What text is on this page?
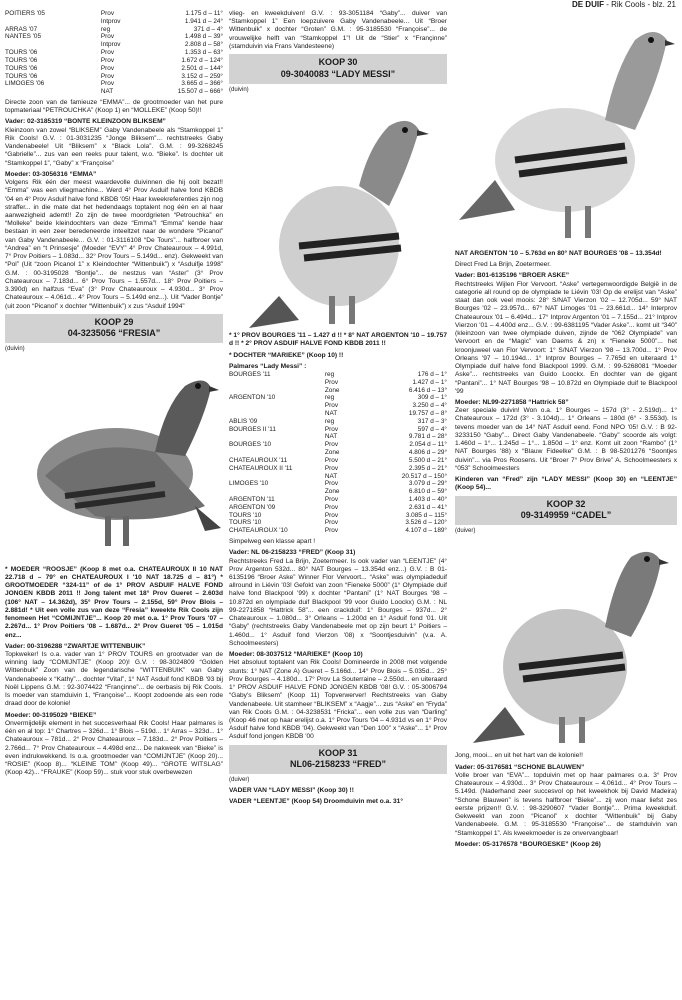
DE DUIF - Rik Cools - blz. 21
POITIERS '05	Prov	1.175 d – 11°
	Intprov	1.941 d – 24°
ARRAS '07	reg	371 d – 4°
NANTES '05	Prov	1.498 d – 39°
	Intprov	2.808 d – 58°
TOURS '06	Prov	1.353 d – 63°
TOURS '06	Prov	1.672 d – 124°
TOURS '06	Prov	2.501 d – 144°
TOURS '06	Prov	3.152 d – 259°
LIMOGES '06	Prov	3.665 d – 366°
	NAT	15.507 d – 666°

Directe zoon van de famieuze “EMMA”... de grootmoeder van het pure topmateriaal “PETROUCHKA” (Koop 1) en “MOLLEKE” (Koop 50)!!

Vader: 02-3185319 “BONTE KLEINZOON BLIKSEM”

Kleinzoon van zowel “BLIKSEM” Gaby Vandenabeele als “Stamkoppel 1” Rik Cools! G.V. : 01-3031235 “Jonge Bliksem”... rechtstreeks Gaby Vandenabeele! Uit “Bliksem” x “Black Lola”. G.M. : 99-3268245 “Gabrielle”... zus van een reeks puur talent, w.o. “Bieke”. Is dochter uit “Stamkoppel 1”, “Gaby” x “Françoise”

Moeder: 03-3056316 “EMMA”

Volgens Rik één der meest waardevolle duivinnen die hij ooit bezat!! “Emma” was een vliegmachine... Werd 4° Prov Asduif halve fond KBDB '04 en 4° Prov Asduif halve fond KBDB '05! Haar kweekreferenties zijn nog straffer... in die mate dat het hedendaags toptalent nog één en al haar aanwezigheid ademt!! Zo zijn de twee moordgrieten “Petrouchka” en “Molleke” beide kleindochters van deze “Emma”! “Emma” kende haar bestaan in een zeer beredeneerde inteeltzet naar de wondere “Picanol” van Gaby Vandenabeele... G.V. : 01-3116108 “De Tours”... halfbroer van “Andrea” en “t Prinsesje” (Moeder “EVY” 4° Prov Chateauroux – 4.991d, 7° Prov Poitiers – 1.083d... 32° Prov Tours – 5.149d... enz). Gekweekt van “Pol” (Uit “zoon Picanol 1” x Kleindochter “Wittenbuik”) x “Asduifje 1998” G.M. : 00-3195028 “Bontje”... de nestzus van “Aster” (3° Prov Chateauroux – 7.183d... 6° Prov Tours – 1.557d... 18° Prov Poitiers – 3.390d) en halfzus “Eva” (3° Prov Chateauroux – 4.930d... 3° Prov Chateauroux – 4.061d... 4° Prov Tours – 5.149d enz...). Uit “Vader Bontje” (uit zoon “Picanol” x dochter “Wittenbuik”) x zus “Asduif 1994”

KOOP 29
04-3235056 “FRESIA”
(duivin)

* MOEDER “ROOSJE” (Koop 8 met o.a. CHATEAUROUX II 10 NAT 22.718 d – 79° en CHATEAUROUX I '10 NAT 18.725 d – 81°) * GROOTMOEDER “324-11” of de 1° PROV ASDUIF HALVE FOND JONGEN KBDB 2011 !! Jong talent met 18° Prov Gueret – 2.603d (106° NAT – 14.362d), 35° Prov Tours – 2.155d, 59° Prov Blois – 2.881d! * Uit een volle zus van deze “Fresia” kweekte Rik Cools zijn fenomeen Het “COMIJNTJE”... Koop 20 met o.a. 1° Prov Tours '07 – 2.267d... 1° Prov Poitiers '08 – 1.687d... 2° Prov Gueret '05 – 1.015d enz...

Vader: 00-3196288 “ZWARTJE WITTENBUIK”

Topkweker! Is o.a. vader van 1° PROV TOURS en grootvader van de winning lady “COMIJNTJE” (Koop 20)! G.V. : 98-3024809 “Golden Wittenbuik” Zoon van de legendarische “WITTENBUIK” van Gaby Vandenabeele x “Kathy”... dochter “Vital”, 1° NAT Asduif fond KBDB '93 bij Noël Lippens G.M. : 92-3074422 “Françinne”... de oerbasis bij Rik Cools. Is moeder van stamduivin 1, “Françoise”... Koopt zodoende als een rode draad door de kolonie!

Moeder: 00-3195029 “BIEKE”

Onvermijdelijk element in het succesverhaal Rik Cools! Haar palmares is één en al top: 1° Chartres – 326d... 1° Blois – 519d... 1° Arras – 323d... 1° Chateauroux – 781d... 2° Prov Chateauroux – 7.183d... 2° Prov Poitiers – 2.766d... 7° Prov Chateauroux – 4.498d enz... De nakweek van “Bieke” is even indrukwekkend. Is o.a. grootmoeder van “COMIJNTJE” (Koop 20)... “ROSIE” (Koop 8)... “KLEINE TOM” (Koop 49)... “GROTE WITSLAG” (Koop 42)... “FRAUKE” (Koop 59)... stuk voor stuk overbewezen

vlieg- en kweekduiven! G.V. : 93-3051184 “Gaby”... duiver van “Stamkoppel 1” Een loepzuivere Gaby Vandenabeele... Uit “Broer Wittenbuik” x dochter “Groten” G.M. : 95-3185530 “Françoise”... de vrouwelijke helft van “Stamkoppel 1”! Uit de “Stier” x “Françinne” (stamduivin via Frans Vandesteene)

KOOP 30
09-3040083 “LADY MESSI”
(duivin)

* 1° PROV BOURGES '11 – 1.427 d !! * 8° NAT ARGENTON '10 – 19.757 d !! * 2° PROV ASDUIF HALVE FOND KBDB 2011 !!

* DOCHTER “MARIEKE” (Koop 10) !!

Palmares “Lady Messi” :
BOURGES '11	reg	176 d – 1°
	Prov	1.427 d – 1°
	Zone	6.416 d – 13°
ARGENTON '10	reg	309 d – 1°
	Prov	3.250 d – 4°
	NAT	19.757 d – 8°
ABLIS '09	reg	317 d – 3°
BOURGES II '11	Prov	597 d – 4°
	NAT	9.781 d – 28°
BOURGES '10	Prov	2.054 d – 11°
	Zone	4.806 d – 29°
CHATEAUROUX '11	Prov	5.500 d – 21°
CHATEAUROUX II '11	Prov	2.395 d – 21°
	NAT	20.517 d – 150°
LIMOGES '10	Prov	3.079 d – 29°
	Zone	6.810 d – 59°
ARGENTON '11	Prov	1.403 d – 40°
ARGENTON '09	Prov	2.631 d – 41°
TOURS '10	Prov	3.085 d – 115°
TOURS '10	Prov	3.526 d – 120°
CHATEAUROUX '10	Prov	4.107 d – 189°

Simpelweg een klasse apart !

Vader: NL 06-2158233 “FRED” (Koop 31)

Rechtstreeks Fred La Brijn, Zoetermeer. Is ook vader van “LEENTJE” (4° Prov Argenton 532d... 80° NAT Bourges – 13.354d enz...) G.V. : B 01-6135196 “Broer Aske” Winner Flor Vervoort... “Aske” was olympiadeduif allround in Liévin '03! Gefokt van zoon “Fieneke 5000” (1° Olympiade duif halve fond Blackpool '99) x dochter “Pantani” (1° NAT Bourges '98 – 10.872d en olympiade duif Blackpool '99 voor Guido Loockx) G.M. : NL 99-2271858 “Hattrick 58”... een crackduif: 1° Bourges – 937d... 2° Chateauroux – 1.080d... 3° Orleans – 1.200d en 1° Asduif fond '01. Uit “Gaby” (rechtstreeks Gaby Vandenabeele met op zijn beurt 1° Poitiers – 1.460d... 1° Asduif fond Vierzon '08) x “Soontjesduivin” (v.a. A. Schoolmeesters)

Moeder: 08-3037512 “MARIEKE” (Koop 10)

Het absoluut toptalent van Rik Cools! Domineerde in 2008 met volgende stunts: 1° NAT (Zone A) Gueret – 5.166d... 14° Prov Blois – 5.035d... 25° Prov Bourges – 4.180d... 17° Prov La Souterraine – 2.550d... en uiteraard 1° PROV ASDUIF HALVE FOND JONGEN KBDB '08! G.V. : 05-3006794 “Gaby's Bliksem” (Koop 11) Topverwerver! Rechtstreeks van Gaby Vandenabeele. Uit stamheer “BLIKSEM” x “Aagje”... zus “Aske” en “Fryda” van Rik Cools G.M. : 04-3238531 “Fricka”... een volle zus van “Darling” (Koop 46 met op haar erelijst o.a. 1° Prov Tours '04 – 4.931d vs en 1° Prov Asduif halve fond KBDB '04). Gekweekt van “Den 100” x “Aske”... 1° Prov Asduif fond jongen KBDB '00

KOOP 31
NL06-2158233 “FRED”
(duiver)

VADER VAN “LADY MESSI” (Koop 30) !!

VADER “LEENTJE” (Koop 54) Droomduivin met o.a. 31°

NAT ARGENTON '10 – 5.763d en 80° NAT BOURGES '08 – 13.354d!

Direct Fred La Brijn, Zoetermeer.

Vader: B01-6135196 “BROER ASKE”

Rechtstreeks Wijlen Flor Vervoort. “Aske” vertegenwoordigde België in de categorie all round op de olympiade te Liévin '03! Op de erelijst van “Aske” staat dan ook veel moois: 28° S/NAT Vierzon '02 – 12.705d... 59° NAT Bourges '02 – 23.957d... 67° NAT Limoges '01 – 23.661d... 14° Interprov Chateauroux '01 – 6.494d... 17° Intprov Argenton '01 – 7.155d... 21° Intprov Vierzon '01 – 4.400d enz... G.V. : 99-6381195 “Vader Aske”... komt uit “340” (kleinzoon van twee olympiade duiven, zijnde de “062 Olympiade” van Vervoort en de “Magic” van Daems & zn) x “Fieneke 5000”... het kroonjuweel van Flor Vervoort: 1° S/NAT Vierzon '98 – 13.700d... 1° Prov Orleans '97 – 10.194d... 1° Intprov Bourges – 7.765d en uiteraard 1° Olympiade duif halve fond Blackpool 1999. G.M. : 99-5268081 “Moeder Aske”... rechtstreeks van Guido Loockx. En dochter van de gigant “Pantani”... 1° NAT Bourges '98 – 10.872d en Olympiade duif te Blackpool '99

Moeder: NL99-2271858 “Hattrick 58”

Zeer speciale duivin! Won o.a. 1° Bourges – 157d (3° - 2.519d)... 1° Chateauroux – 172d (3° - 3.104d)... 1° Orleans – 180d (6° - 3.553d). Is tevens moeder van de 14° NAT Asduif eend. Fond NPO '05! G.V. : B 92-3233150 “Gaby”... Direct Gaby Vandenabeele. “Gaby” scoorde als volgt: 1.460d – 1°... 1.245d – 1°... 1.850d – 1° enz. Komt uit zoon “Rambo” (1° NAT Bourges '88) x “Blauw Fideelke” G.M. : B 98-5201276 “Soontjes duivin”... via Pros Roosens. Uit “Broer 7° Prov Brive” A. Schoolmeesters x “053” Schoolmeesters

Kinderen van “Fred” zijn “LADY MESSI” (Koop 30) en “LEENTJE” (Koop 54)...

KOOP 32
09-3149959 “CADEL”
(duiver)

Jong, mooi... en uit het hart van de kolonie!!

Vader: 05-3176581 “SCHONE BLAUWEN”

Volle broer van “EVA”... topduivin met op haar palmares o.a. 3° Prov Chateauroux – 4.930d... 3° Prov Chateauroux – 4.061d... 4° Prov Tours – 5.149d. (Naderhand zeer succesvol op het kweekhok bij David Madeira) “Schone Blauwen” is tevens halfbroer “Bieke”... zij won maar liefst zes eerste prijzen!! G.V. : 98-3290607 “Vader Bontje”... Prima kweekduif. Gekweekt van zoon “Picanol” x dochter “Wittenbuik” bij Gaby Vandenabeele. G.M. : 95-3185530 “Françoise”... de stamduivin van “Stamkoppel 1”. Als kweekmoeder is ze onvervangbaar!

Moeder: 05-3176578 “BOURGESKE” (Koop 26)
